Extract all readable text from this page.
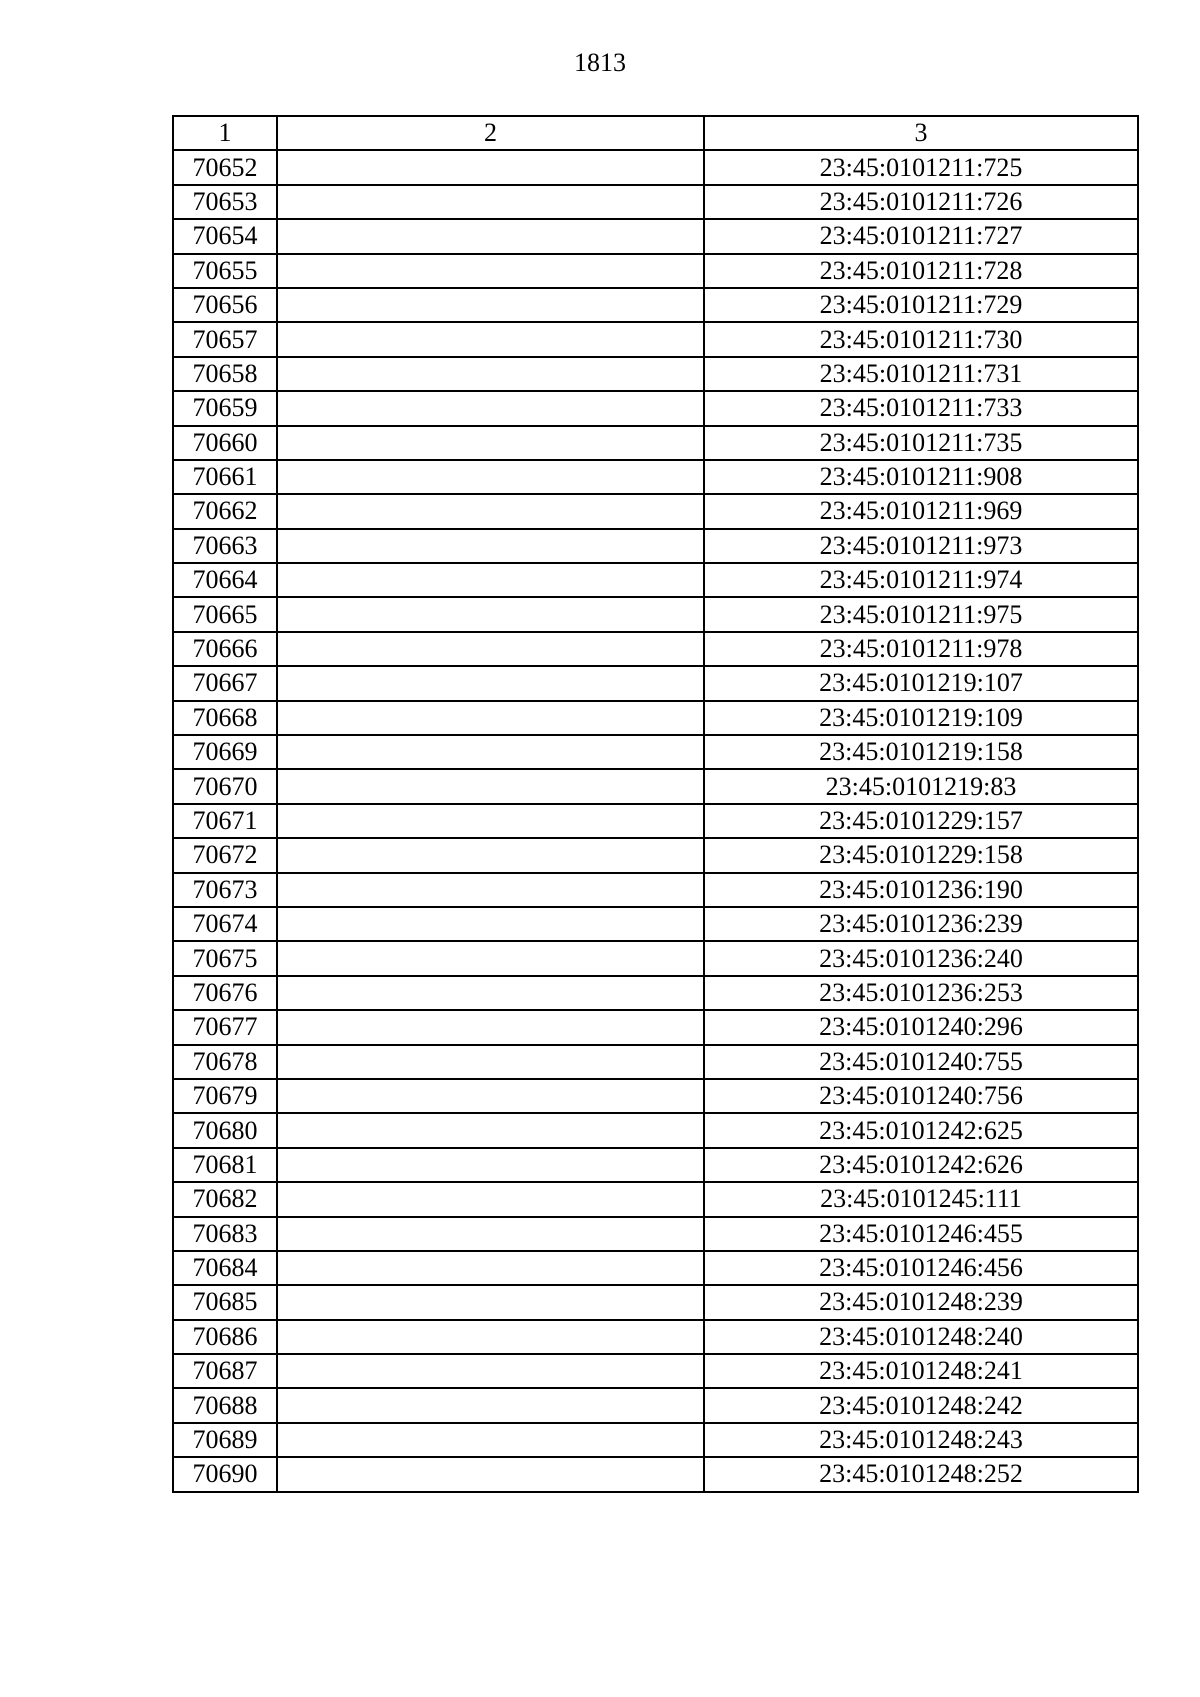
1813
1	2	3
70652		23:45:0101211:725
70653		23:45:0101211:726
70654		23:45:0101211:727
70655		23:45:0101211:728
70656		23:45:0101211:729
70657		23:45:0101211:730
70658		23:45:0101211:731
70659		23:45:0101211:733
70660		23:45:0101211:735
70661		23:45:0101211:908
70662		23:45:0101211:969
70663		23:45:0101211:973
70664		23:45:0101211:974
70665		23:45:0101211:975
70666		23:45:0101211:978
70667		23:45:0101219:107
70668		23:45:0101219:109
70669		23:45:0101219:158
70670		23:45:0101219:83
70671		23:45:0101229:157
70672		23:45:0101229:158
70673		23:45:0101236:190
70674		23:45:0101236:239
70675		23:45:0101236:240
70676		23:45:0101236:253
70677		23:45:0101240:296
70678		23:45:0101240:755
70679		23:45:0101240:756
70680		23:45:0101242:625
70681		23:45:0101242:626
70682		23:45:0101245:111
70683		23:45:0101246:455
70684		23:45:0101246:456
70685		23:45:0101248:239
70686		23:45:0101248:240
70687		23:45:0101248:241
70688		23:45:0101248:242
70689		23:45:0101248:243
70690		23:45:0101248:252
